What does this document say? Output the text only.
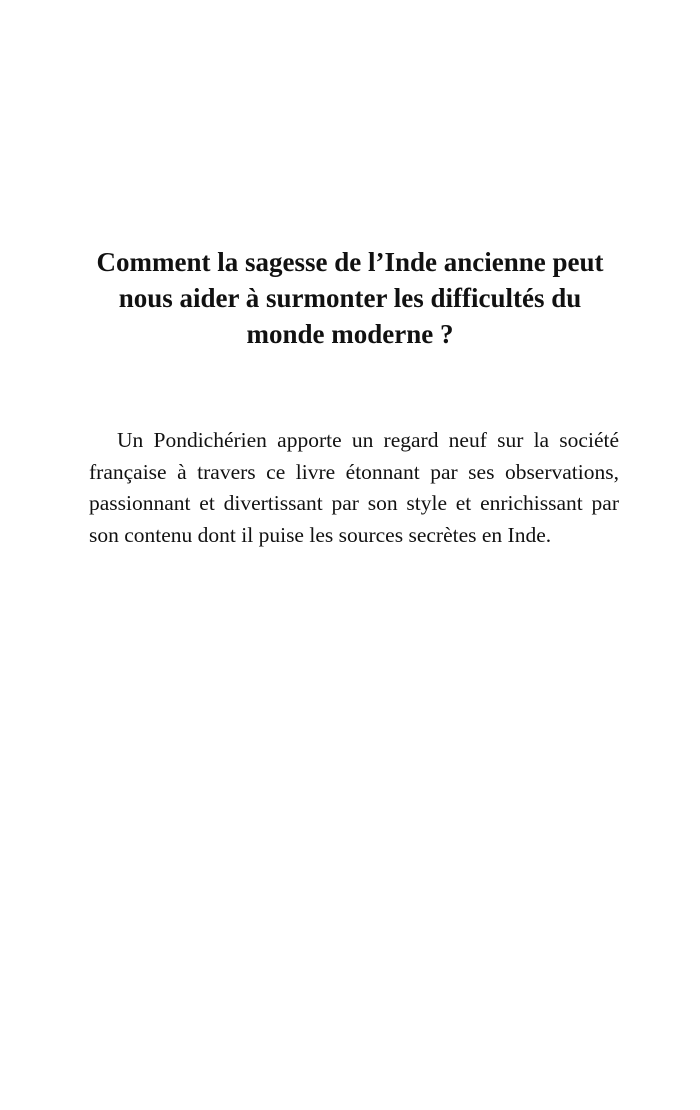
Comment la sagesse de l’Inde ancienne peut
nous aider à surmonter les difficultés du
monde moderne ?

Un Pondichérien apporte un regard neuf sur la société
française à travers ce livre étonnant par ses observations,
passionnant et divertissant par son style et enrichissant par
son contenu dont il puise les sources secrètes en Inde.
